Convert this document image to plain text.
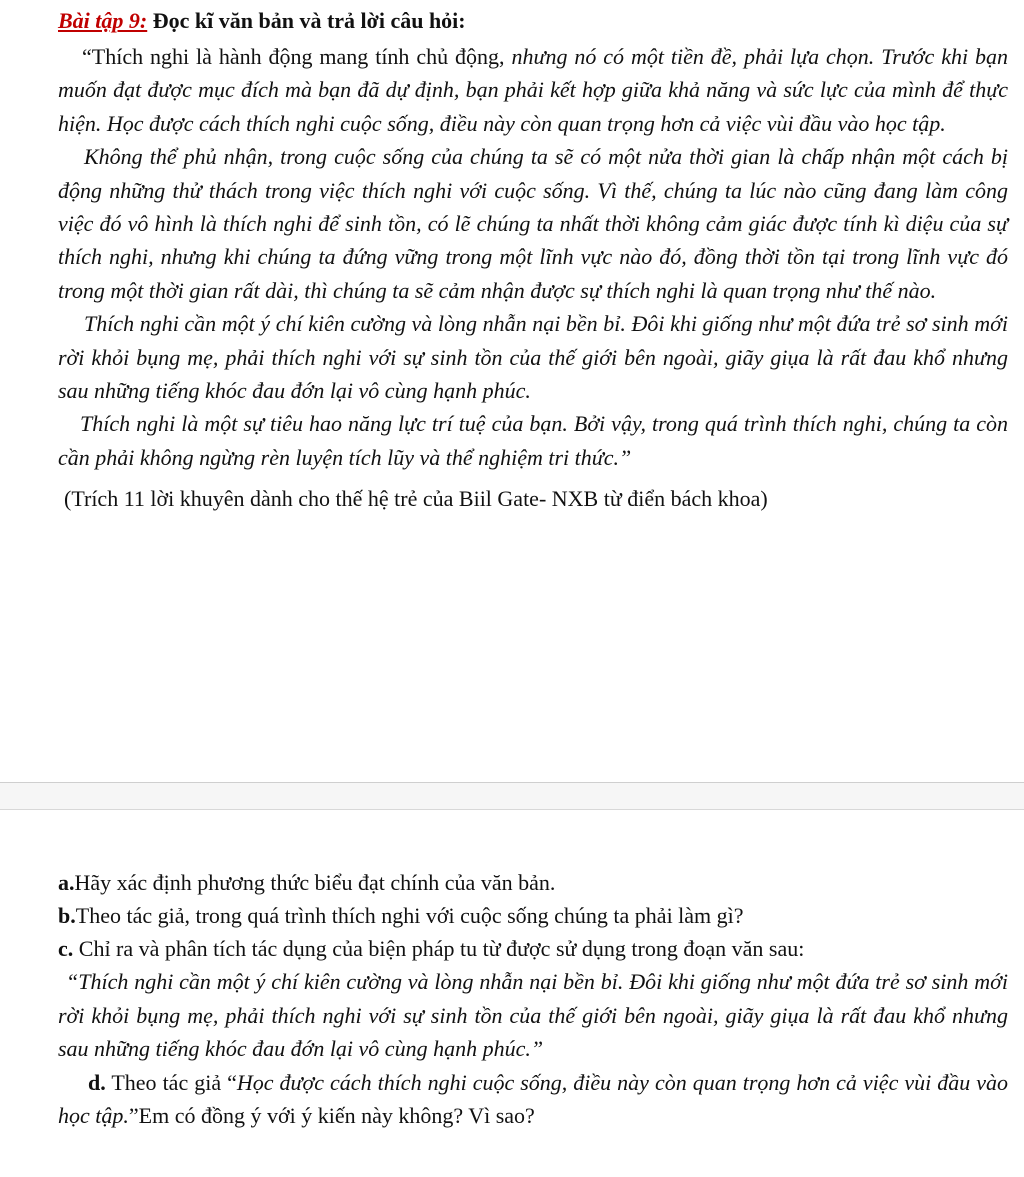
Bài tập 9: Đọc kĩ văn bản và trả lời câu hỏi:

“Thích nghi là hành động mang tính chủ động, nhưng nó có một tiền đề, phải lựa chọn. Trước khi bạn muốn đạt được mục đích mà bạn đã dự định, bạn phải kết hợp giữa khả năng và sức lực của mình để thực hiện. Học được cách thích nghi cuộc sống, điều này còn quan trọng hơn cả việc vùi đầu vào học tập.

Không thể phủ nhận, trong cuộc sống của chúng ta sẽ có một nửa thời gian là chấp nhận một cách bị động những thử thách trong việc thích nghi với cuộc sống. Vì thế, chúng ta lúc nào cũng đang làm công việc đó vô hình là thích nghi để sinh tồn, có lẽ chúng ta nhất thời không cảm giác được tính kì diệu của sự thích nghi, nhưng khi chúng ta đứng vững trong một lĩnh vực nào đó, đồng thời tồn tại trong lĩnh vực đó trong một thời gian rất dài, thì chúng ta sẽ cảm nhận được sự thích nghi là quan trọng như thế nào.

Thích nghi cần một ý chí kiên cường và lòng nhẫn nại bền bỉ. Đôi khi giống như một đứa trẻ sơ sinh mới rời khỏi bụng mẹ, phải thích nghi với sự sinh tồn của thế giới bên ngoài, giãy giụa là rất đau khổ nhưng sau những tiếng khóc đau đớn lại vô cùng hạnh phúc.

Thích nghi là một sự tiêu hao năng lực trí tuệ của bạn. Bởi vậy, trong quá trình thích nghi, chúng ta còn cần phải không ngừng rèn luyện tích lũy và thể nghiệm tri thức.”

(Trích 11 lời khuyên dành cho thế hệ trẻ của Biil Gate- NXB từ điển bách khoa)

a.Hãy xác định phương thức biểu đạt chính của văn bản.

b.Theo tác giả, trong quá trình thích nghi với cuộc sống chúng ta phải làm gì?

c. Chỉ ra và phân tích tác dụng của biện pháp tu từ được sử dụng trong đoạn văn sau:

“Thích nghi cần một ý chí kiên cường và lòng nhẫn nại bền bỉ. Đôi khi giống như một đứa trẻ sơ sinh mới rời khỏi bụng mẹ, phải thích nghi với sự sinh tồn của thế giới bên ngoài, giãy giụa là rất đau khổ nhưng sau những tiếng khóc đau đớn lại vô cùng hạnh phúc.”

d. Theo tác giả “Học được cách thích nghi cuộc sống, điều này còn quan trọng hơn cả việc vùi đầu vào học tập.”Em có đồng ý với ý kiến này không? Vì sao?
